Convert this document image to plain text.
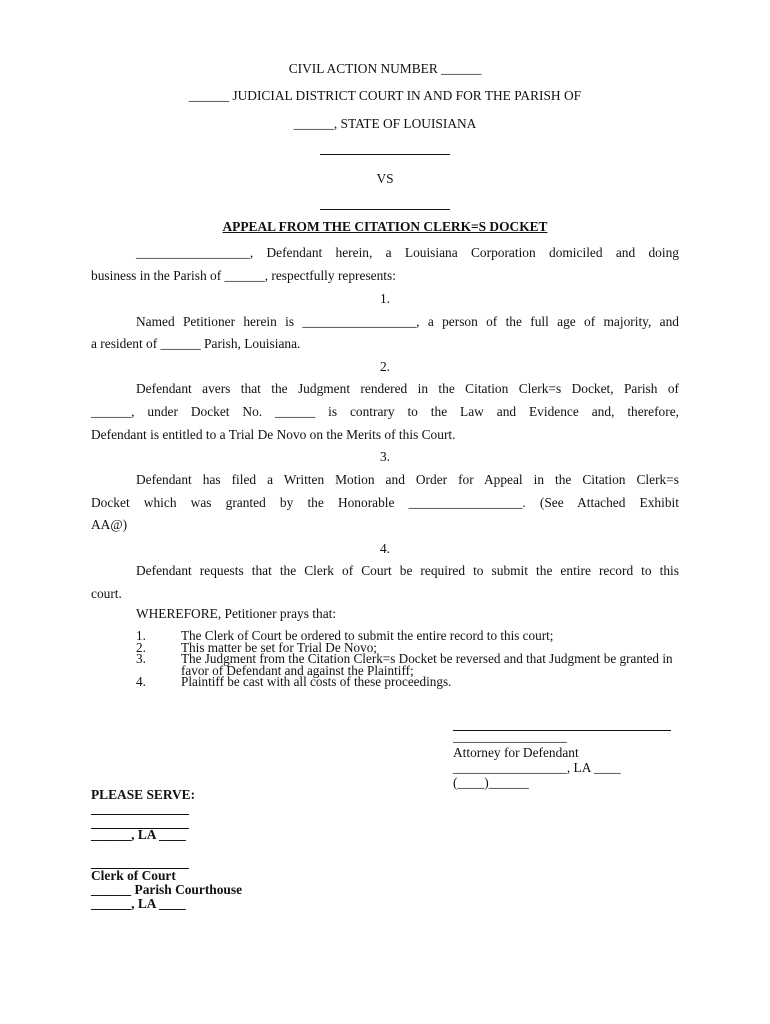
CIVIL ACTION NUMBER ______
______ JUDICIAL DISTRICT COURT IN AND FOR THE PARISH OF
______, STATE OF LOUISIANA
VS
APPEAL FROM THE CITATION CLERK=S DOCKET
_________________, Defendant herein, a Louisiana Corporation domiciled and doing
business in the Parish of ______, respectfully represents:
1.
Named Petitioner herein is _________________, a person of the full age of majority, and
a resident of ______ Parish, Louisiana.
2.
Defendant avers that the Judgment rendered in the Citation Clerk=s Docket, Parish of
______, under Docket No. ______ is contrary to the Law and Evidence and, therefore,
Defendant is entitled to a Trial De Novo on the Merits of this Court.
3.
Defendant has filed a Written Motion and Order for Appeal in the Citation Clerk=s
Docket which was granted by the Honorable _________________. (See Attached Exhibit
AA@)
4.
Defendant requests that the Clerk of Court be required to submit the entire record to this
court.
WHEREFORE, Petitioner prays that:
1.	The Clerk of Court be ordered to submit the entire record to this court;
2.	This matter be set for Trial De Novo;
3.	The Judgment from the Citation Clerk=s Docket be reversed and that Judgment be granted in favor of Defendant and against the Plaintiff;
4.	Plaintiff be cast with all costs of these proceedings.
_________________
Attorney for Defendant
_________________, LA ____
(____)______
PLEASE SERVE:
______, LA ____
Clerk of Court
______ Parish Courthouse
______, LA ____
